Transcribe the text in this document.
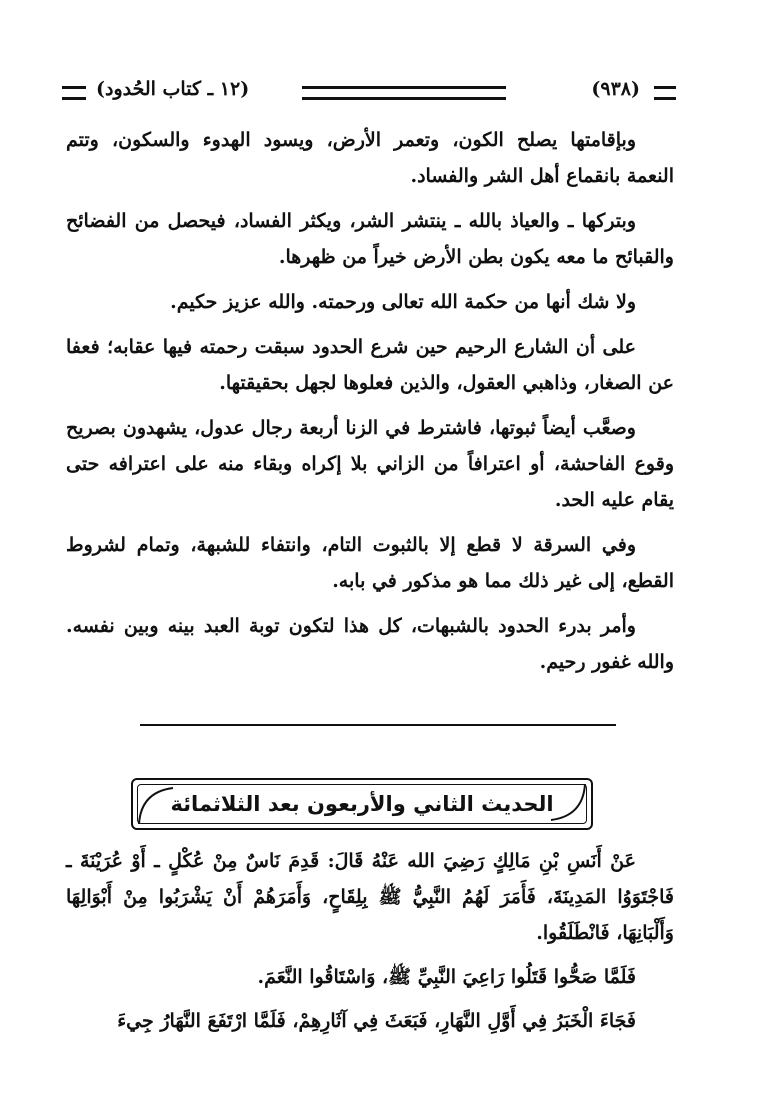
(٩٣٨)
(١٢ ـ كتاب الحُدود)

وبإقامتها يصلح الكون، وتعمر الأرض، ويسود الهدوء والسكون، وتتم النعمة بانقماع أهل الشر والفساد.

وبتركها ـ والعياذ بالله ـ ينتشر الشر، ويكثر الفساد، فيحصل من الفضائح والقبائح ما معه يكون بطن الأرض خيراً من ظهرها.

ولا شك أنها من حكمة الله تعالى ورحمته. والله عزيز حكيم.

على أن الشارع الرحيم حين شرع الحدود سبقت رحمته فيها عقابه؛ فعفا عن الصغار، وذاهبي العقول، والذين فعلوها لجهل بحقيقتها.

وصعَّب أيضاً ثبوتها، فاشترط في الزنا أربعة رجال عدول، يشهدون بصريح وقوع الفاحشة، أو اعترافاً من الزاني بلا إكراه وبقاء منه على اعترافه حتى يقام عليه الحد.

وفي السرقة لا قطع إلا بالثبوت التام، وانتفاء للشبهة، وتمام لشروط القطع، إلى غير ذلك مما هو مذكور في بابه.

وأمر بدرء الحدود بالشبهات، كل هذا لتكون توبة العبد بينه وبين نفسه. والله غفور رحيم.

الحديث الثاني والأربعون بعد الثلاثمائة

عَنْ أَنَسِ بْنِ مَالِكٍ رَضِيَ الله عَنْهُ قَالَ: قَدِمَ نَاسٌ مِنْ عُكْلٍ ـ أَوْ عُرَيْنَةَ ـ فَاجْتَوَوُا المَدِينَةَ، فَأَمَرَ لَهُمُ النَّبِيُّ ﷺ بِلِقَاحٍ، وَأَمَرَهُمْ أَنْ يَشْرَبُوا مِنْ أَبْوَالِهَا وَأَلْبَانِهَا، فَانْطَلَقُوا.

فَلَمَّا صَحُّوا قَتَلُوا رَاعِيَ النَّبِيِّ ﷺ، وَاسْتَاقُوا النَّعَمَ.

فَجَاءَ الْخَبَرُ فِي أَوَّلِ النَّهَارِ، فَبَعَثَ فِي آثَارِهِمْ، فَلَمَّا ارْتَفَعَ النَّهَارُ جِيءَ
